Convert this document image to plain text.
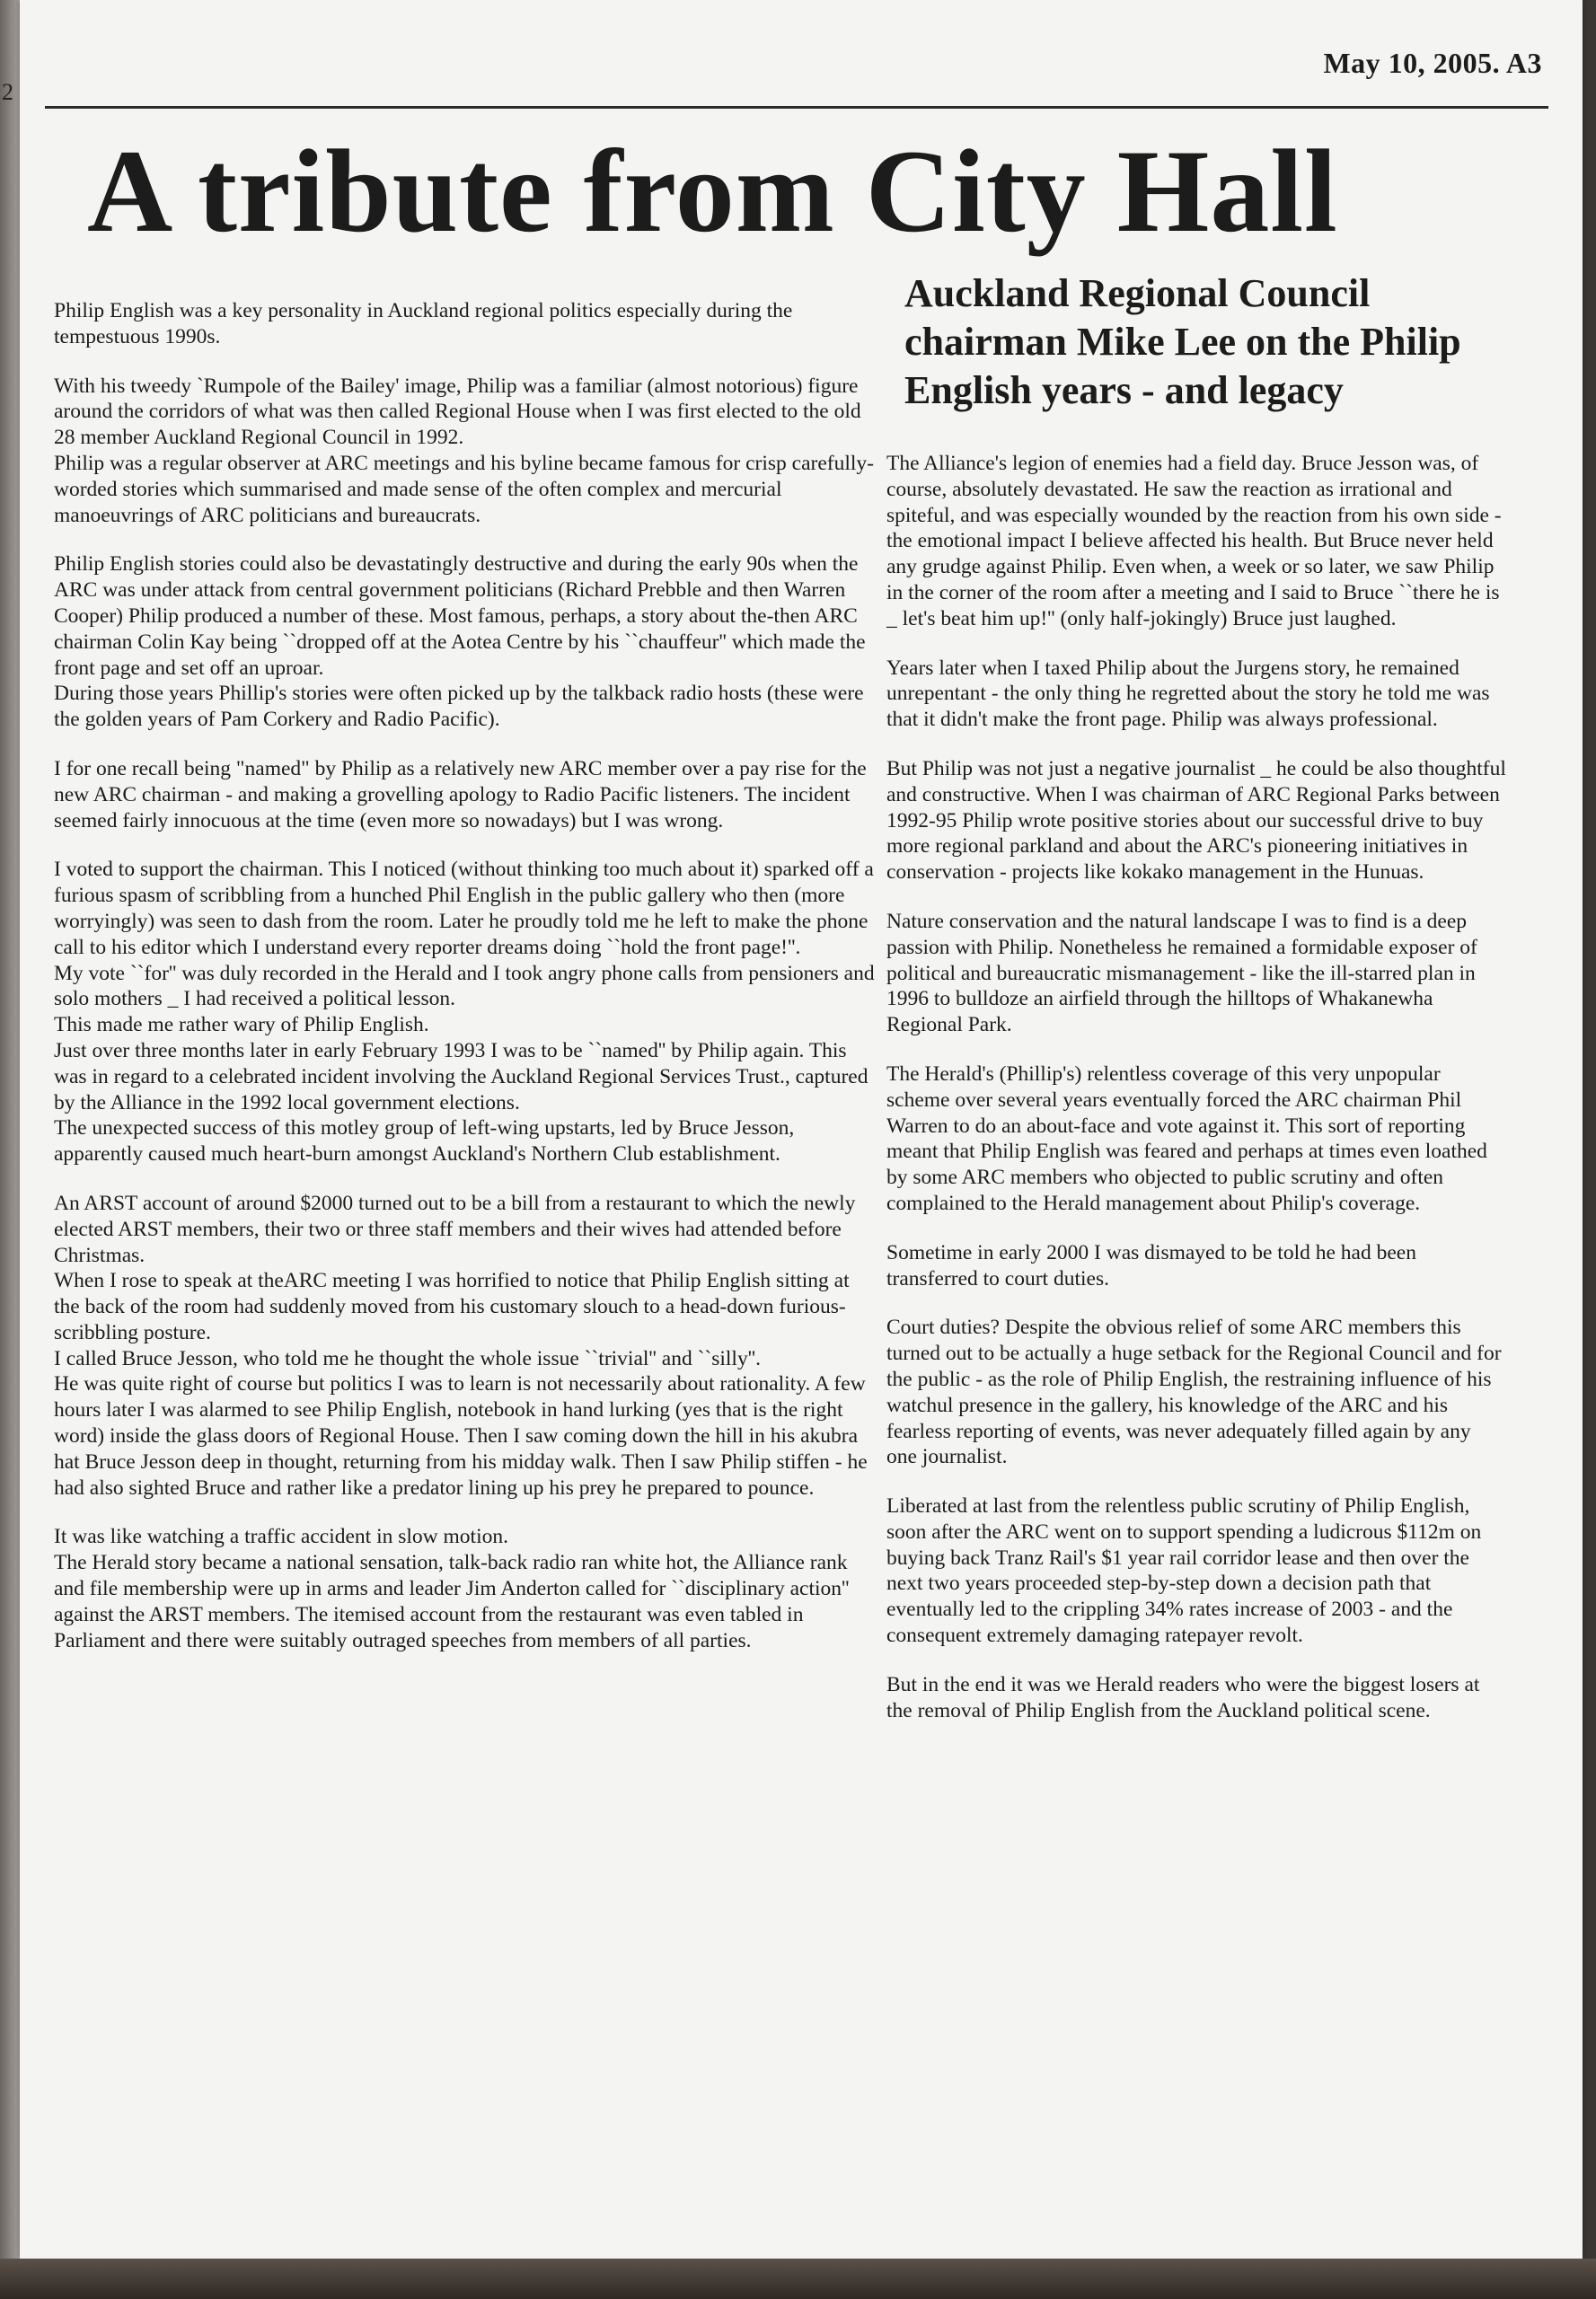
2
May 10, 2005. A3
A tribute from City Hall

Philip English was a key personality in Auckland regional politics especially during the tempestuous 1990s.

With his tweedy `Rumpole of the Bailey' image, Philip was a familiar (almost notorious) figure around the corridors of what was then called Regional House when I was first elected to the old 28 member Auckland Regional Council in 1992.

Philip was a regular observer at ARC meetings and his byline became famous for crisp carefully-worded stories which summarised and made sense of the often complex and mercurial manoeuvrings of ARC politicians and bureaucrats.

Philip English stories could also be devastatingly destructive and during the early 90s when the ARC was under attack from central government politicians (Richard Prebble and then Warren Cooper) Philip produced a number of these. Most famous, perhaps, a story about the-then ARC chairman Colin Kay being ``dropped off at the Aotea Centre by his ``chauffeur'' which made the front page and set off an uproar.

During those years Phillip's stories were often picked up by the talkback radio hosts (these were the golden years of Pam Corkery and Radio Pacific).

I for one recall being "named" by Philip as a relatively new ARC member over a pay rise for the new ARC chairman - and making a grovelling apology to Radio Pacific listeners. The incident seemed fairly innocuous at the time (even more so nowadays) but I was wrong.

I voted to support the chairman. This I noticed (without thinking too much about it) sparked off a furious spasm of scribbling from a hunched Phil English in the public gallery who then (more worryingly) was seen to dash from the room. Later he proudly told me he left to make the phone call to his editor which I understand every reporter dreams doing ``hold the front page!''.

My vote ``for'' was duly recorded in the Herald and I took angry phone calls from pensioners and solo mothers _ I had received a political lesson.

This made me rather wary of Philip English.

Just over three months later in early February 1993 I was to be ``named'' by Philip again. This was in regard to a celebrated incident involving the Auckland Regional Services Trust., captured by the Alliance in the 1992 local government elections.

The unexpected success of this motley group of left-wing upstarts, led by Bruce Jesson, apparently caused much heart-burn amongst Auckland's Northern Club establishment.

An ARST account of around $2000 turned out to be a bill from a restaurant to which the newly elected ARST members, their two or three staff members and their wives had attended before Christmas.

When I rose to speak at theARC meeting I was horrified to notice that Philip English sitting at the back of the room had suddenly moved from his customary slouch to a head-down furious-scribbling posture.

I called Bruce Jesson, who told me he thought the whole issue ``trivial'' and ``silly''.

He was quite right of course but politics I was to learn is not necessarily about rationality. A few hours later I was alarmed to see Philip English, notebook in hand lurking (yes that is the right word) inside the glass doors of Regional House. Then I saw coming down the hill in his akubra hat Bruce Jesson deep in thought, returning from his midday walk. Then I saw Philip stiffen - he had also sighted Bruce and rather like a predator lining up his prey he prepared to pounce.

It was like watching a traffic accident in slow motion.

The Herald story became a national sensation, talk-back radio ran white hot, the Alliance rank and file membership were up in arms and leader Jim Anderton called for ``disciplinary action'' against the ARST members. The itemised account from the restaurant was even tabled in Parliament and there were suitably outraged speeches from members of all parties.

Auckland Regional Council chairman Mike Lee on the Philip English years - and legacy

The Alliance's legion of enemies had a field day. Bruce Jesson was, of course, absolutely devastated. He saw the reaction as irrational and spiteful, and was especially wounded by the reaction from his own side - the emotional impact I believe affected his health. But Bruce never held any grudge against Philip. Even when, a week or so later, we saw Philip in the corner of the room after a meeting and I said to Bruce ``there he is _ let's beat him up!'' (only half-jokingly) Bruce just laughed.

Years later when I taxed Philip about the Jurgens story, he remained unrepentant - the only thing he regretted about the story he told me was that it didn't make the front page. Philip was always professional.

But Philip was not just a negative journalist _ he could be also thoughtful and constructive. When I was chairman of ARC Regional Parks between 1992-95 Philip wrote positive stories about our successful drive to buy more regional parkland and about the ARC's pioneering initiatives in conservation - projects like kokako management in the Hunuas.

Nature conservation and the natural landscape I was to find is a deep passion with Philip. Nonetheless he remained a formidable exposer of political and bureaucratic mismanagement - like the ill-starred plan in 1996 to bulldoze an airfield through the hilltops of Whakanewha Regional Park.

The Herald's (Phillip's) relentless coverage of this very unpopular scheme over several years eventually forced the ARC chairman Phil Warren to do an about-face and vote against it. This sort of reporting meant that Philip English was feared and perhaps at times even loathed by some ARC members who objected to public scrutiny and often complained to the Herald management about Philip's coverage.

Sometime in early 2000 I was dismayed to be told he had been transferred to court duties.

Court duties? Despite the obvious relief of some ARC members this turned out to be actually a huge setback for the Regional Council and for the public - as the role of Philip English, the restraining influence of his watchul presence in the gallery, his knowledge of the ARC and his fearless reporting of events, was never adequately filled again by any one journalist.

Liberated at last from the relentless public scrutiny of Philip English, soon after the ARC went on to support spending a ludicrous $112m on buying back Tranz Rail's $1 year rail corridor lease and then over the next two years proceeded step-by-step down a decision path that eventually led to the crippling 34% rates increase of 2003 - and the consequent extremely damaging ratepayer revolt.

But in the end it was we Herald readers who were the biggest losers at the removal of Philip English from the Auckland political scene.
